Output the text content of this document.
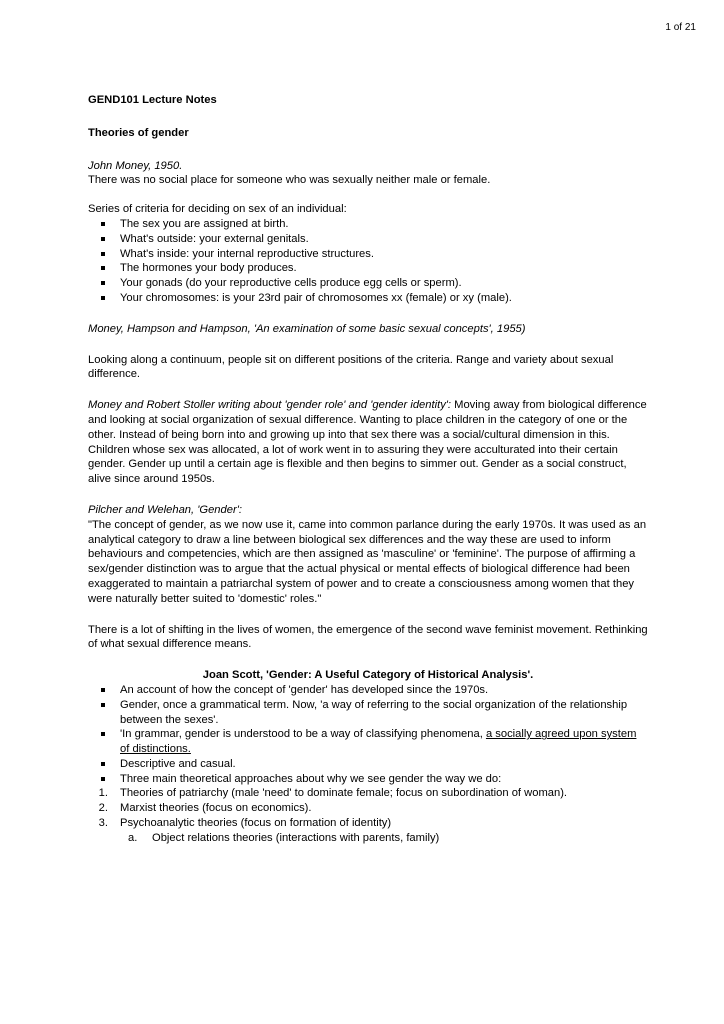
1 of 21

GEND101 Lecture Notes

Theories of gender

John Money, 1950.

There was no social place for someone who was sexually neither male or female.

Series of criteria for deciding on sex of an individual:

The sex you are assigned at birth.
What's outside: your external genitals.
What's inside: your internal reproductive structures.
The hormones your body produces.
Your gonads (do your reproductive cells produce egg cells or sperm).
Your chromosomes: is your 23rd pair of chromosomes xx (female) or xy (male).

Money, Hampson and Hampson, 'An examination of some basic sexual concepts', 1955)

Looking along a continuum, people sit on different positions of the criteria. Range and variety about sexual difference.

Money and Robert Stoller writing about 'gender role' and 'gender identity': Moving away from biological difference and looking at social organization of sexual difference. Wanting to place children in the category of one or the other. Instead of being born into and growing up into that sex there was a social/cultural dimension in this. Children whose sex was allocated, a lot of work went in to assuring they were acculturated into their certain gender. Gender up until a certain age is flexible and then begins to simmer out. Gender as a social construct, alive since around 1950s.

Pilcher and Welehan, 'Gender':

"The concept of gender, as we now use it, came into common parlance during the early 1970s. It was used as an analytical category to draw a line between biological sex differences and the way these are used to inform behaviours and competencies, which are then assigned as 'masculine' or 'feminine'. The purpose of affirming a sex/gender distinction was to argue that the actual physical or mental effects of biological difference had been exaggerated to maintain a patriarchal system of power and to create a consciousness among women that they were naturally better suited to 'domestic' roles."

There is a lot of shifting in the lives of women, the emergence of the second wave feminist movement. Rethinking of what sexual difference means.

Joan Scott, 'Gender: A Useful Category of Historical Analysis'.

An account of how the concept of 'gender' has developed since the 1970s.
Gender, once a grammatical term. Now, 'a way of referring to the social organization of the relationship between the sexes'.
'In grammar, gender is understood to be a way of classifying phenomena, a socially agreed upon system of distinctions.
Descriptive and casual.
Three main theoretical approaches about why we see gender the way we do:
1. Theories of patriarchy (male 'need' to dominate female; focus on subordination of woman).
2. Marxist theories (focus on economics).
3. Psychoanalytic theories (focus on formation of identity)
a. Object relations theories (interactions with parents, family)
